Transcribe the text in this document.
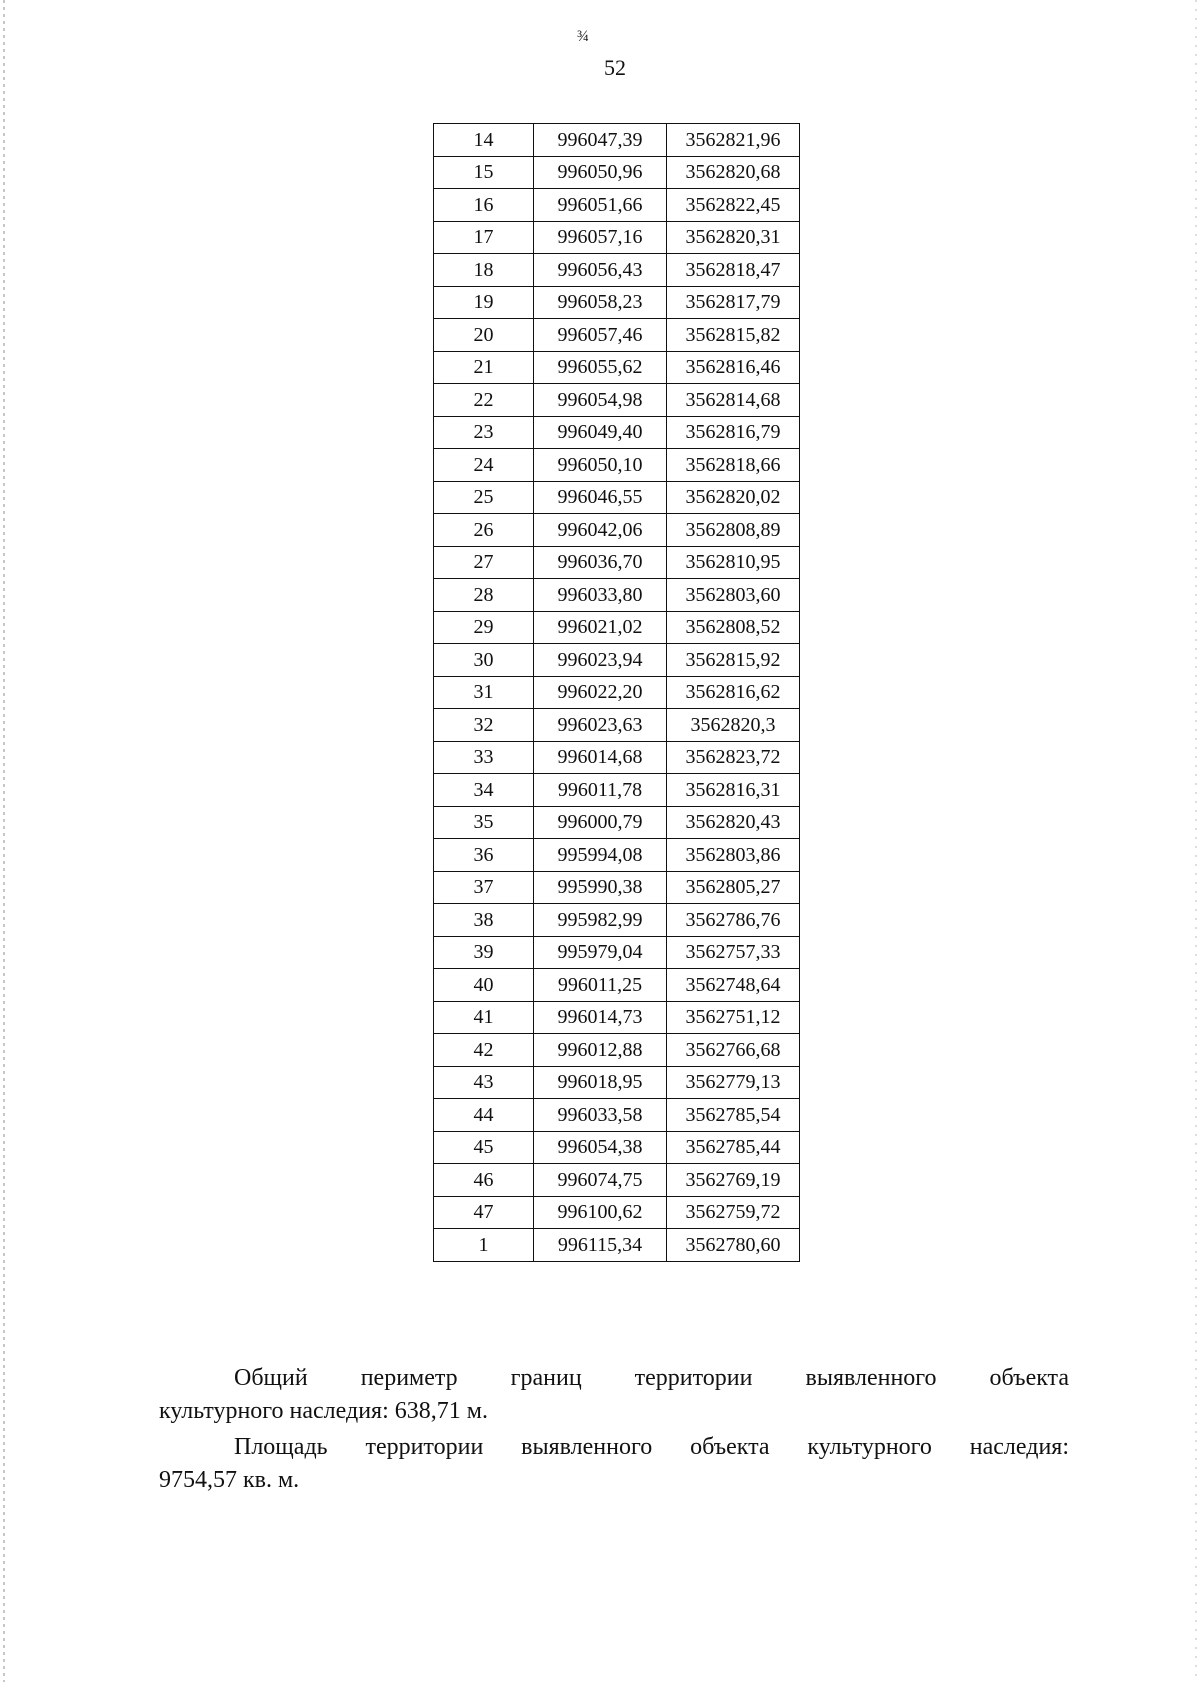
¾
52
14	996047,39	3562821,96
15	996050,96	3562820,68
16	996051,66	3562822,45
17	996057,16	3562820,31
18	996056,43	3562818,47
19	996058,23	3562817,79
20	996057,46	3562815,82
21	996055,62	3562816,46
22	996054,98	3562814,68
23	996049,40	3562816,79
24	996050,10	3562818,66
25	996046,55	3562820,02
26	996042,06	3562808,89
27	996036,70	3562810,95
28	996033,80	3562803,60
29	996021,02	3562808,52
30	996023,94	3562815,92
31	996022,20	3562816,62
32	996023,63	3562820,3
33	996014,68	3562823,72
34	996011,78	3562816,31
35	996000,79	3562820,43
36	995994,08	3562803,86
37	995990,38	3562805,27
38	995982,99	3562786,76
39	995979,04	3562757,33
40	996011,25	3562748,64
41	996014,73	3562751,12
42	996012,88	3562766,68
43	996018,95	3562779,13
44	996033,58	3562785,54
45	996054,38	3562785,44
46	996074,75	3562769,19
47	996100,62	3562759,72
1	996115,34	3562780,60
Общий периметр границ территории выявленного объекта
культурного наследия: 638,71 м.
Площадь территории выявленного объекта культурного наследия:
9754,57 кв. м.
